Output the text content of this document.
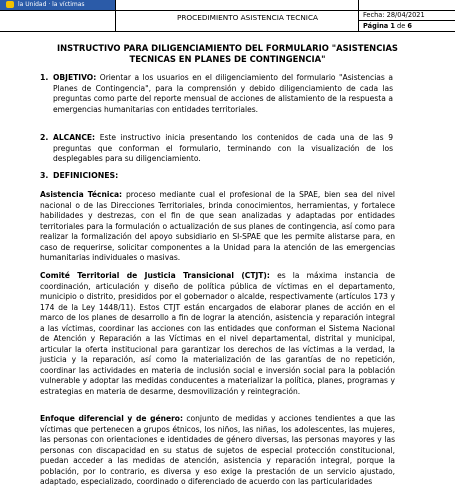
la Unidad · la víctimas
PROCEDIMIENTO ASISTENCIA TECNICA	Fecha: 28/04/2021
Página 1 de 6
INSTRUCTIVO PARA DILIGENCIAMIENTO DEL FORMULARIO "ASISTENCIAS
TECNICAS EN PLANES DE CONTINGENCIA"
1. OBJETIVO: Orientar a los usuarios en el diligenciamiento del formulario "Asistencias a Planes de Contingencia", para la comprensión y debido diligenciamiento de cada las preguntas como parte del reporte mensual de acciones de alistamiento de la respuesta a emergencias humanitarias con entidades territoriales.
2. ALCANCE: Este instructivo inicia presentando los contenidos de cada una de las 9 preguntas que conforman el formulario, terminando con la visualización de los desplegables para su diligenciamiento.
3. DEFINICIONES:
Asistencia Técnica: proceso mediante cual el profesional de la SPAE, bien sea del nivel nacional o de las Direcciones Territoriales, brinda conocimientos, herramientas, y fortalece habilidades y destrezas, con el fin de que sean analizadas y adaptadas por entidades territoriales para la formulación o actualización de sus planes de contingencia, así como para realizar la formalización del apoyo subsidiario en SI-SPAE que les permite alistarse para, en caso de requerirse, solicitar componentes a la Unidad para la atención de las emergencias humanitarias individuales o masivas.
Comité Territorial de Justicia Transicional (CTJT): es la máxima instancia de coordinación, articulación y diseño de política pública de víctimas en el departamento, municipio o distrito, presididos por el gobernador o alcalde, respectivamente (artículos 173 y 174 de la Ley 1448/11). Estos CTJT están encargados de elaborar planes de acción en el marco de los planes de desarrollo a fin de lograr la atención, asistencia y reparación integral a las víctimas, coordinar las acciones con las entidades que conforman el Sistema Nacional de Atención y Reparación a las Víctimas en el nivel departamental, distrital y municipal, articular la oferta institucional para garantizar los derechos de las víctimas a la verdad, la justicia y la reparación, así como la materialización de las garantías de no repetición, coordinar las actividades en materia de inclusión social e inversión social para la población vulnerable y adoptar las medidas conducentes a materializar la política, planes, programas y estrategias en materia de desarme, desmovilización y reintegración.
Enfoque diferencial y de género: conjunto de medidas y acciones tendientes a que las víctimas que pertenecen a grupos étnicos, los niños, las niñas, los adolescentes, las mujeres, las personas con orientaciones e identidades de género diversas, las personas mayores y las personas con discapacidad en su status de sujetos de especial protección constitucional, puedan acceder a las medidas de atención, asistencia y reparación integral, porque la población, por lo contrario, es diversa y eso exige la prestación de un servicio ajustado, adaptado, especializado, coordinado o diferenciado de acuerdo con las particularidades
